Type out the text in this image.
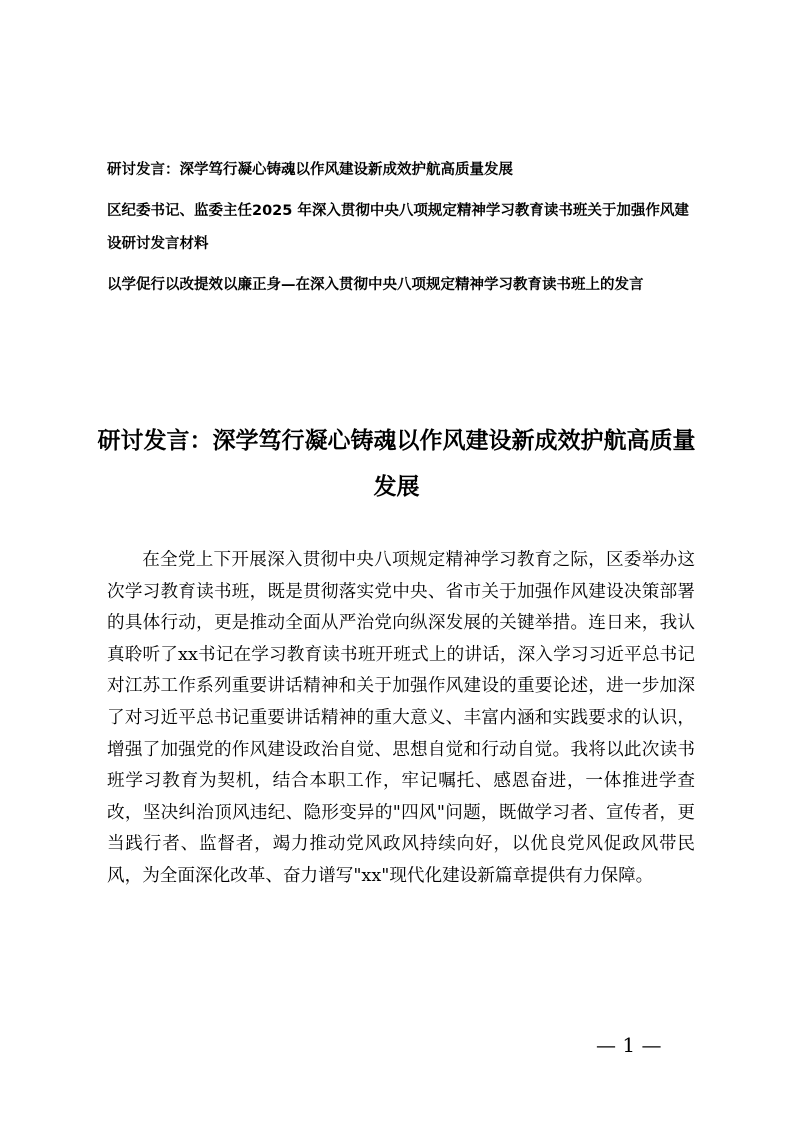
研讨发言：深学笃行凝心铸魂以作风建设新成效护航高质量发展

区纪委书记、监委主任2025 年深入贯彻中央八项规定精神学习教育读书班关于加强作风建设研讨发言材料

以学促行以改提效以廉正身—在深入贯彻中央八项规定精神学习教育读书班上的发言

研讨发言：深学笃行凝心铸魂以作风建设新成效护航高质量发展

在全党上下开展深入贯彻中央八项规定精神学习教育之际，区委举办这次学习教育读书班，既是贯彻落实党中央、省市关于加强作风建设决策部署的具体行动，更是推动全面从严治党向纵深发展的关键举措。连日来，我认真聆听了xx书记在学习教育读书班开班式上的讲话，深入学习习近平总书记对江苏工作系列重要讲话精神和关于加强作风建设的重要论述，进一步加深了对习近平总书记重要讲话精神的重大意义、丰富内涵和实践要求的认识，增强了加强党的作风建设政治自觉、思想自觉和行动自觉。我将以此次读书班学习教育为契机，结合本职工作，牢记嘱托、感恩奋进，一体推进学查改，坚决纠治顶风违纪、隐形变异的"四风"问题，既做学习者、宣传者，更当践行者、监督者，竭力推动党风政风持续向好，以优良党风促政风带民风，为全面深化改革、奋力谱写"xx"现代化建设新篇章提供有力保障。

— 1 —
